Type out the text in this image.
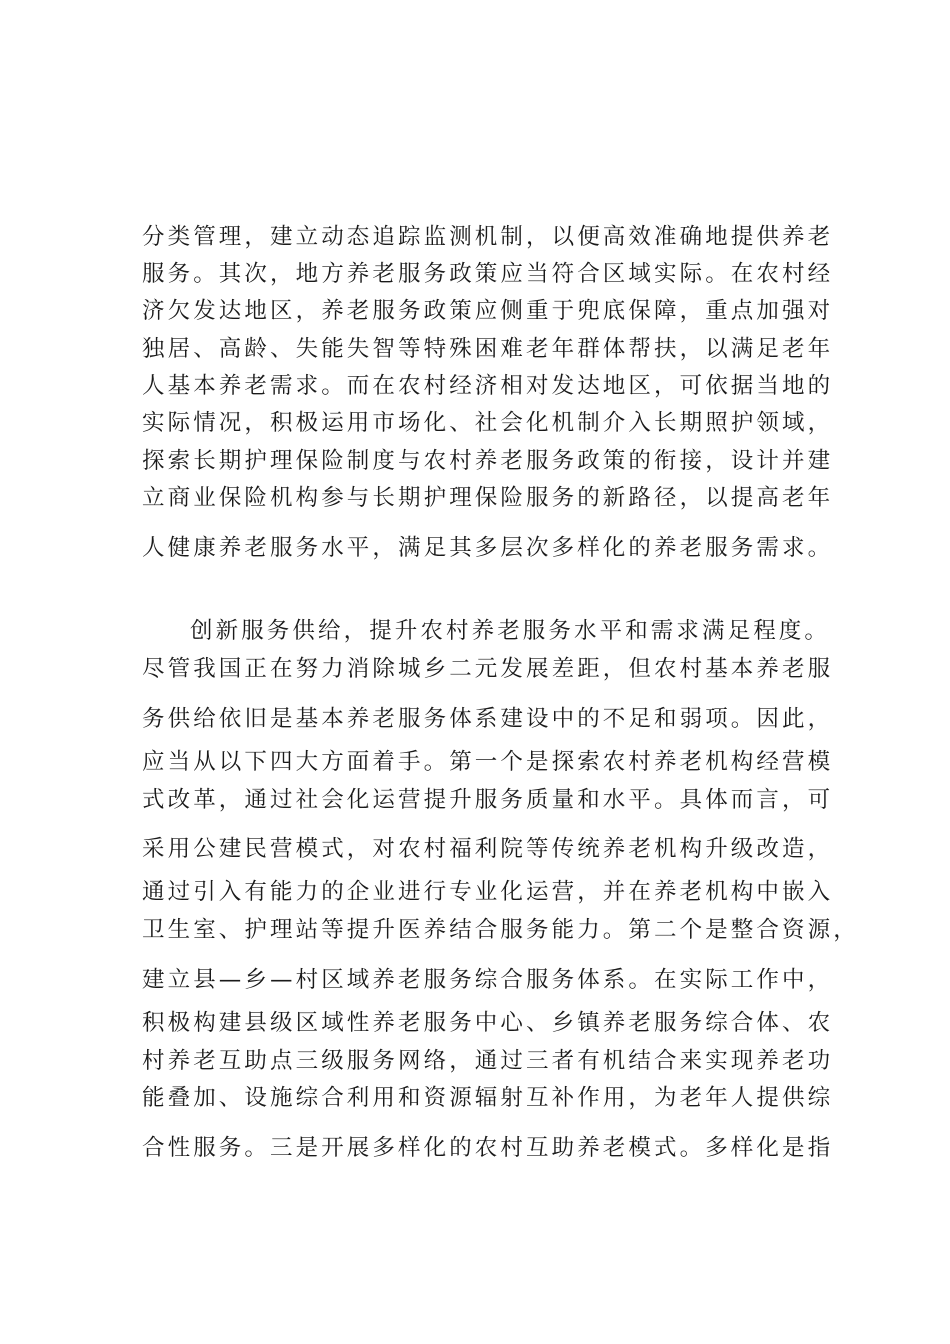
分类管理，建立动态追踪监测机制，以便高效准确地提供养老
服务。其次，地方养老服务政策应当符合区域实际。在农村经
济欠发达地区，养老服务政策应侧重于兜底保障，重点加强对
独居、高龄、失能失智等特殊困难老年群体帮扶，以满足老年
人基本养老需求。而在农村经济相对发达地区，可依据当地的
实际情况，积极运用市场化、社会化机制介入长期照护领域，
探索长期护理保险制度与农村养老服务政策的衔接，设计并建
立商业保险机构参与长期护理保险服务的新路径，以提高老年
人健康养老服务水平，满足其多层次多样化的养老服务需求。
创新服务供给，提升农村养老服务水平和需求满足程度。
尽管我国正在努力消除城乡二元发展差距，但农村基本养老服
务供给依旧是基本养老服务体系建设中的不足和弱项。因此，
应当从以下四大方面着手。第一个是探索农村养老机构经营模
式改革，通过社会化运营提升服务质量和水平。具体而言，可
采用公建民营模式，对农村福利院等传统养老机构升级改造，
通过引入有能力的企业进行专业化运营，并在养老机构中嵌入
卫生室、护理站等提升医养结合服务能力。第二个是整合资源，
建立县—乡—村区域养老服务综合服务体系。在实际工作中，
积极构建县级区域性养老服务中心、乡镇养老服务综合体、农
村养老互助点三级服务网络，通过三者有机结合来实现养老功
能叠加、设施综合利用和资源辐射互补作用，为老年人提供综
合性服务。三是开展多样化的农村互助养老模式。多样化是指
